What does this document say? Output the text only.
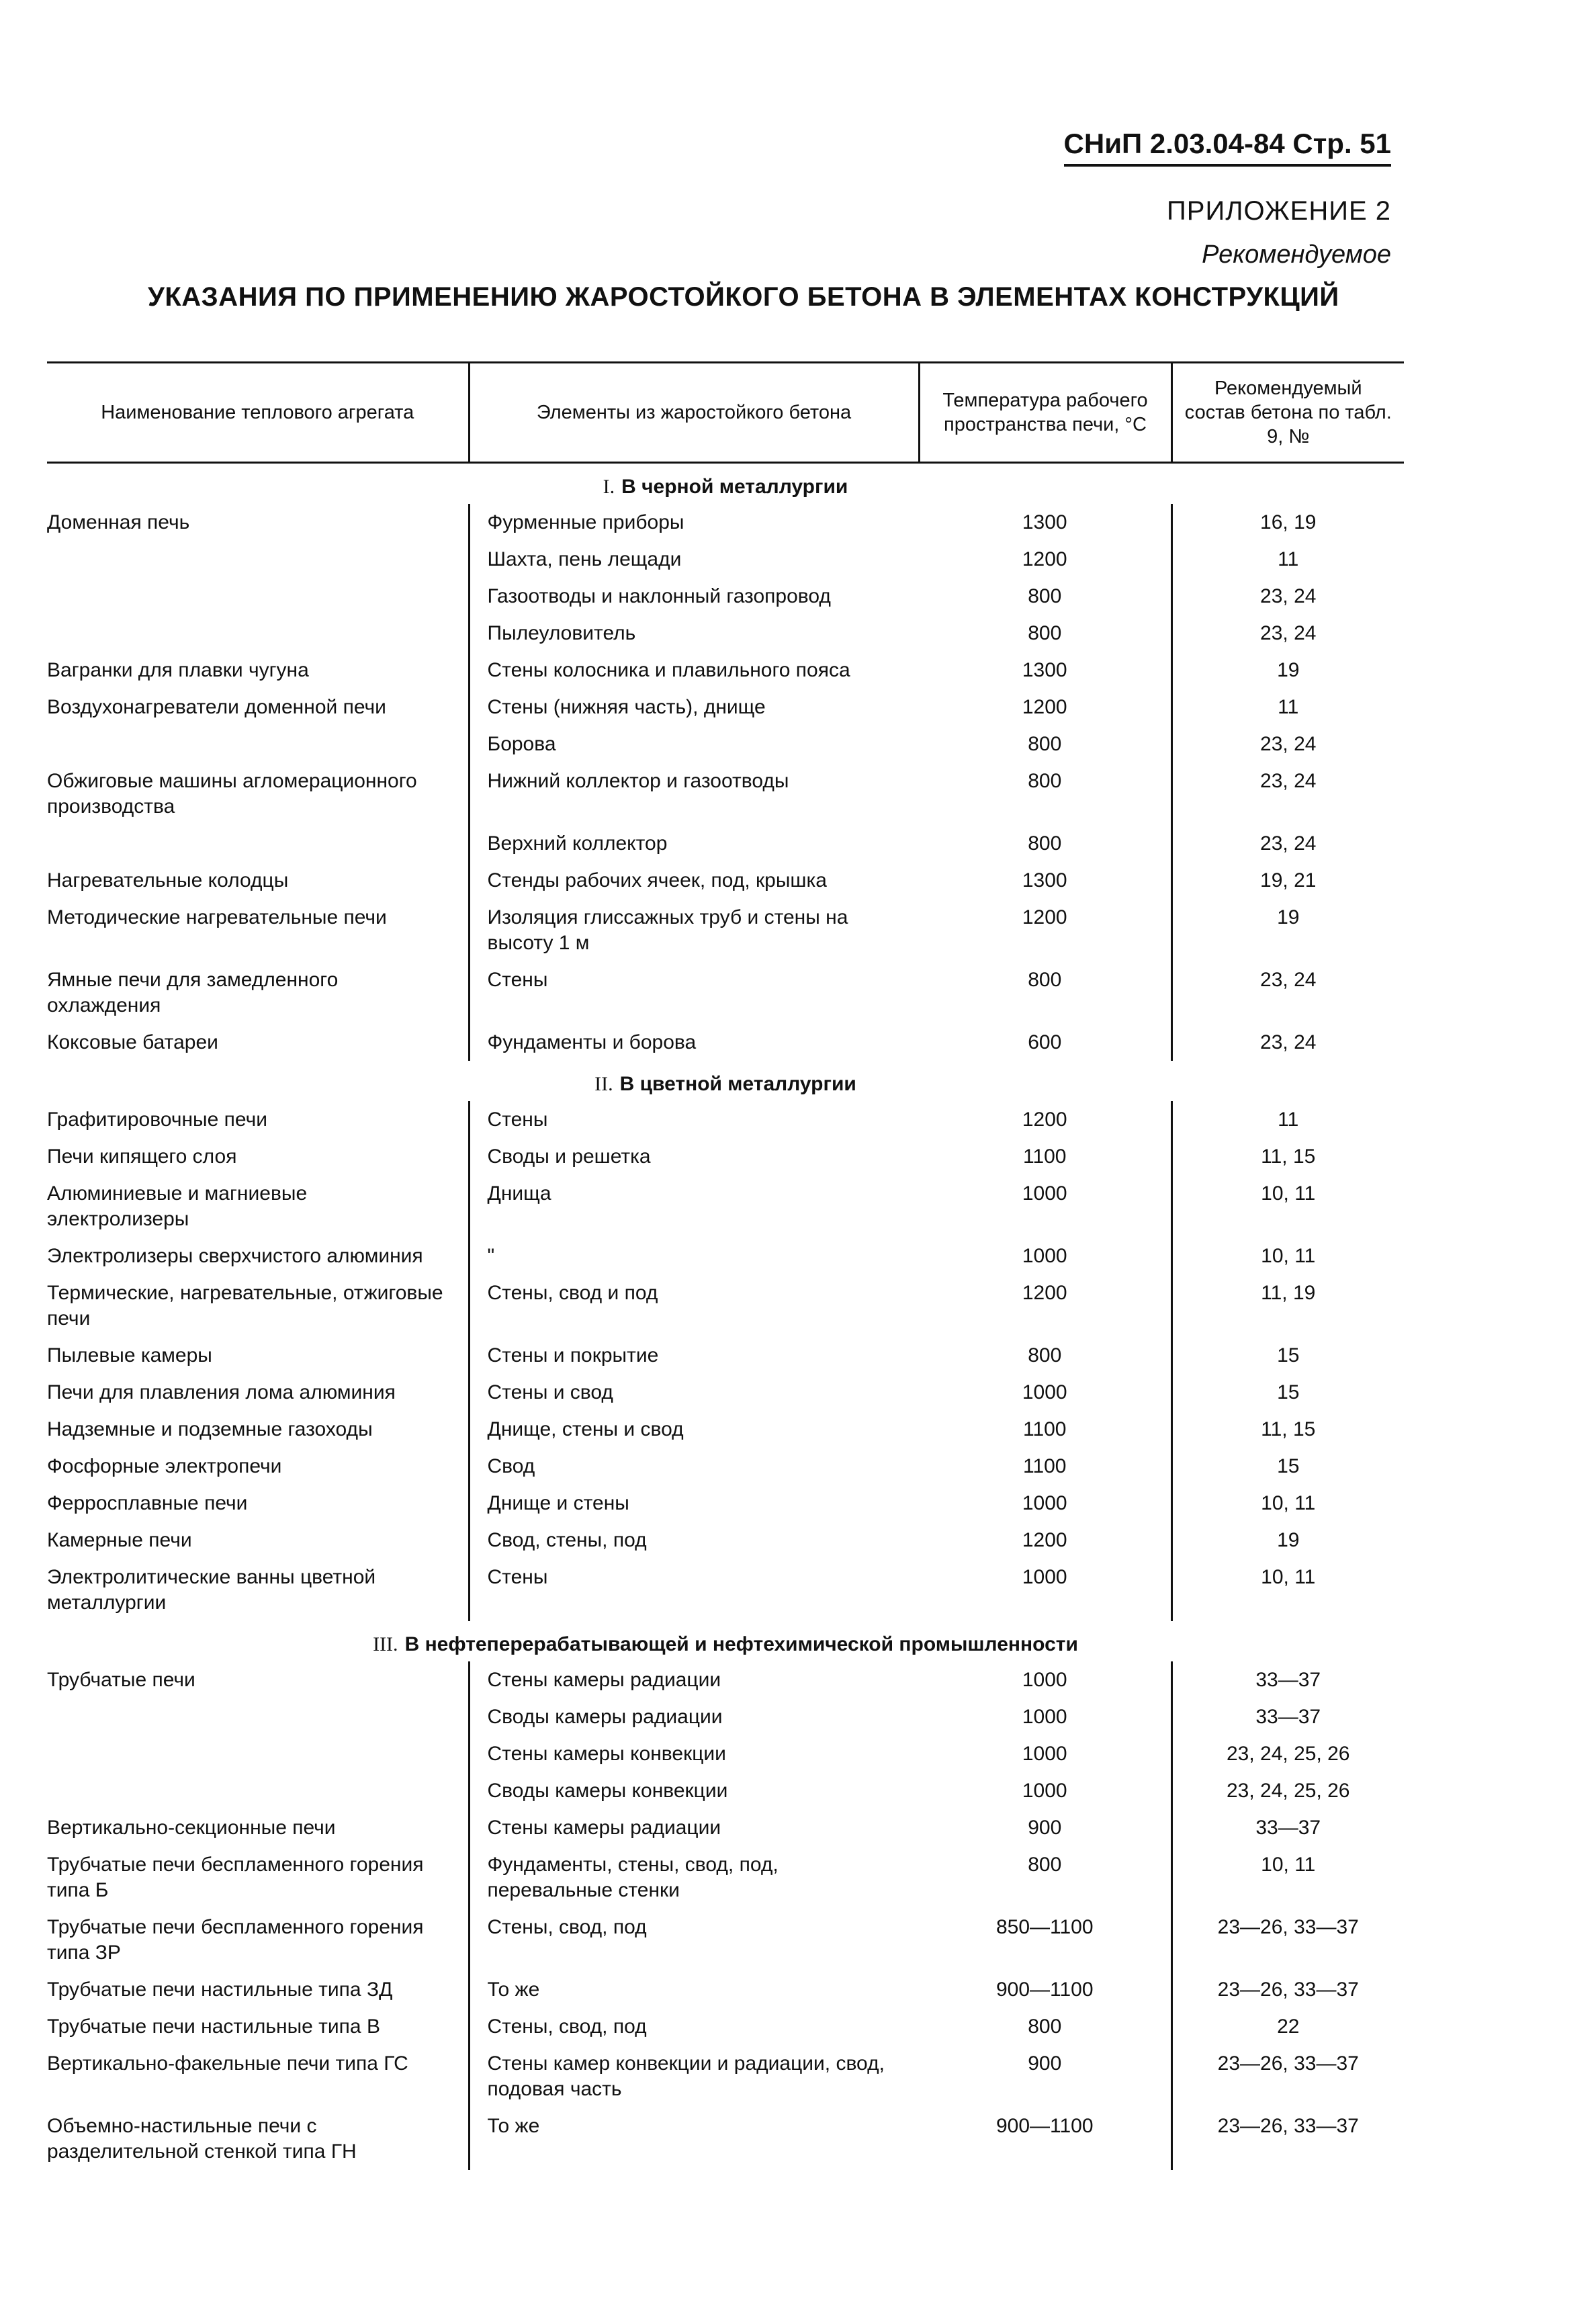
СНиП 2.03.04-84 Стр. 51
ПРИЛОЖЕНИЕ 2
Рекомендуемое
УКАЗАНИЯ ПО ПРИМЕНЕНИЮ ЖАРОСТОЙКОГО БЕТОНА В ЭЛЕМЕНТАХ КОНСТРУКЦИЙ
Наименование теплового агрегата	Элементы из жаростойкого бетона	Температура рабочего пространства печи, °C	Рекомендуемый состав бетона по табл. 9, №
I. В черной металлургии			
Доменная печь	Фурменные приборы	1300	16, 19
	Шахта, пень лещади	1200	11
	Газоотводы и наклонный газопровод	800	23, 24
	Пылеуловитель	800	23, 24
Вагранки для плавки чугуна	Стены колосника и плавильного пояса	1300	19
Воздухонагреватели доменной печи	Стены (нижняя часть), днище	1200	11
	Борова	800	23, 24
Обжиговые машины агломерационного производства	Нижний коллектор и газоотводы	800	23, 24
	Верхний коллектор	800	23, 24
Нагревательные колодцы	Стенды рабочих ячеек, под, крышка	1300	19, 21
Методические нагревательные печи	Изоляция глиссажных труб и стены на высоту 1 м	1200	19
Ямные печи для замедленного охлаждения	Стены	800	23, 24
Коксовые батареи	Фундаменты и борова	600	23, 24
II. В цветной металлургии			
Графитировочные печи	Стены	1200	11
Печи кипящего слоя	Своды и решетка	1100	11, 15
Алюминиевые и магниевые электролизеры	Днища	1000	10, 11
Электролизеры сверхчистого алюминия	"	1000	10, 11
Термические, нагревательные, отжиговые печи	Стены, свод и под	1200	11, 19
Пылевые камеры	Стены и покрытие	800	15
Печи для плавления лома алюминия	Стены и свод	1000	15
Надземные и подземные газоходы	Днище, стены и свод	1100	11, 15
Фосфорные электропечи	Свод	1100	15
Ферросплавные печи	Днище и стены	1000	10, 11
Камерные печи	Свод, стены, под	1200	19
Электролитические ванны цветной металлургии	Стены	1000	10, 11
III. В нефтеперерабатывающей и нефтехимической промышленности			
Трубчатые печи	Стены камеры радиации	1000	33—37
	Своды камеры радиации	1000	33—37
	Стены камеры конвекции	1000	23, 24, 25, 26
	Своды камеры конвекции	1000	23, 24, 25, 26
Вертикально-секционные печи	Стены камеры радиации	900	33—37
Трубчатые печи беспламенного горения типа Б	Фундаменты, стены, свод, под, перевальные стенки	800	10, 11
Трубчатые печи беспламенного горения типа ЗР	Стены, свод, под	850—1100	23—26, 33—37
Трубчатые печи настильные типа ЗД	То же	900—1100	23—26, 33—37
Трубчатые печи настильные типа В	Стены, свод, под	800	22
Вертикально-факельные печи типа ГС	Стены камер конвекции и радиации, свод, подовая часть	900	23—26, 33—37
Объемно-настильные печи с разделительной стенкой типа ГН	То же	900—1100	23—26, 33—37
